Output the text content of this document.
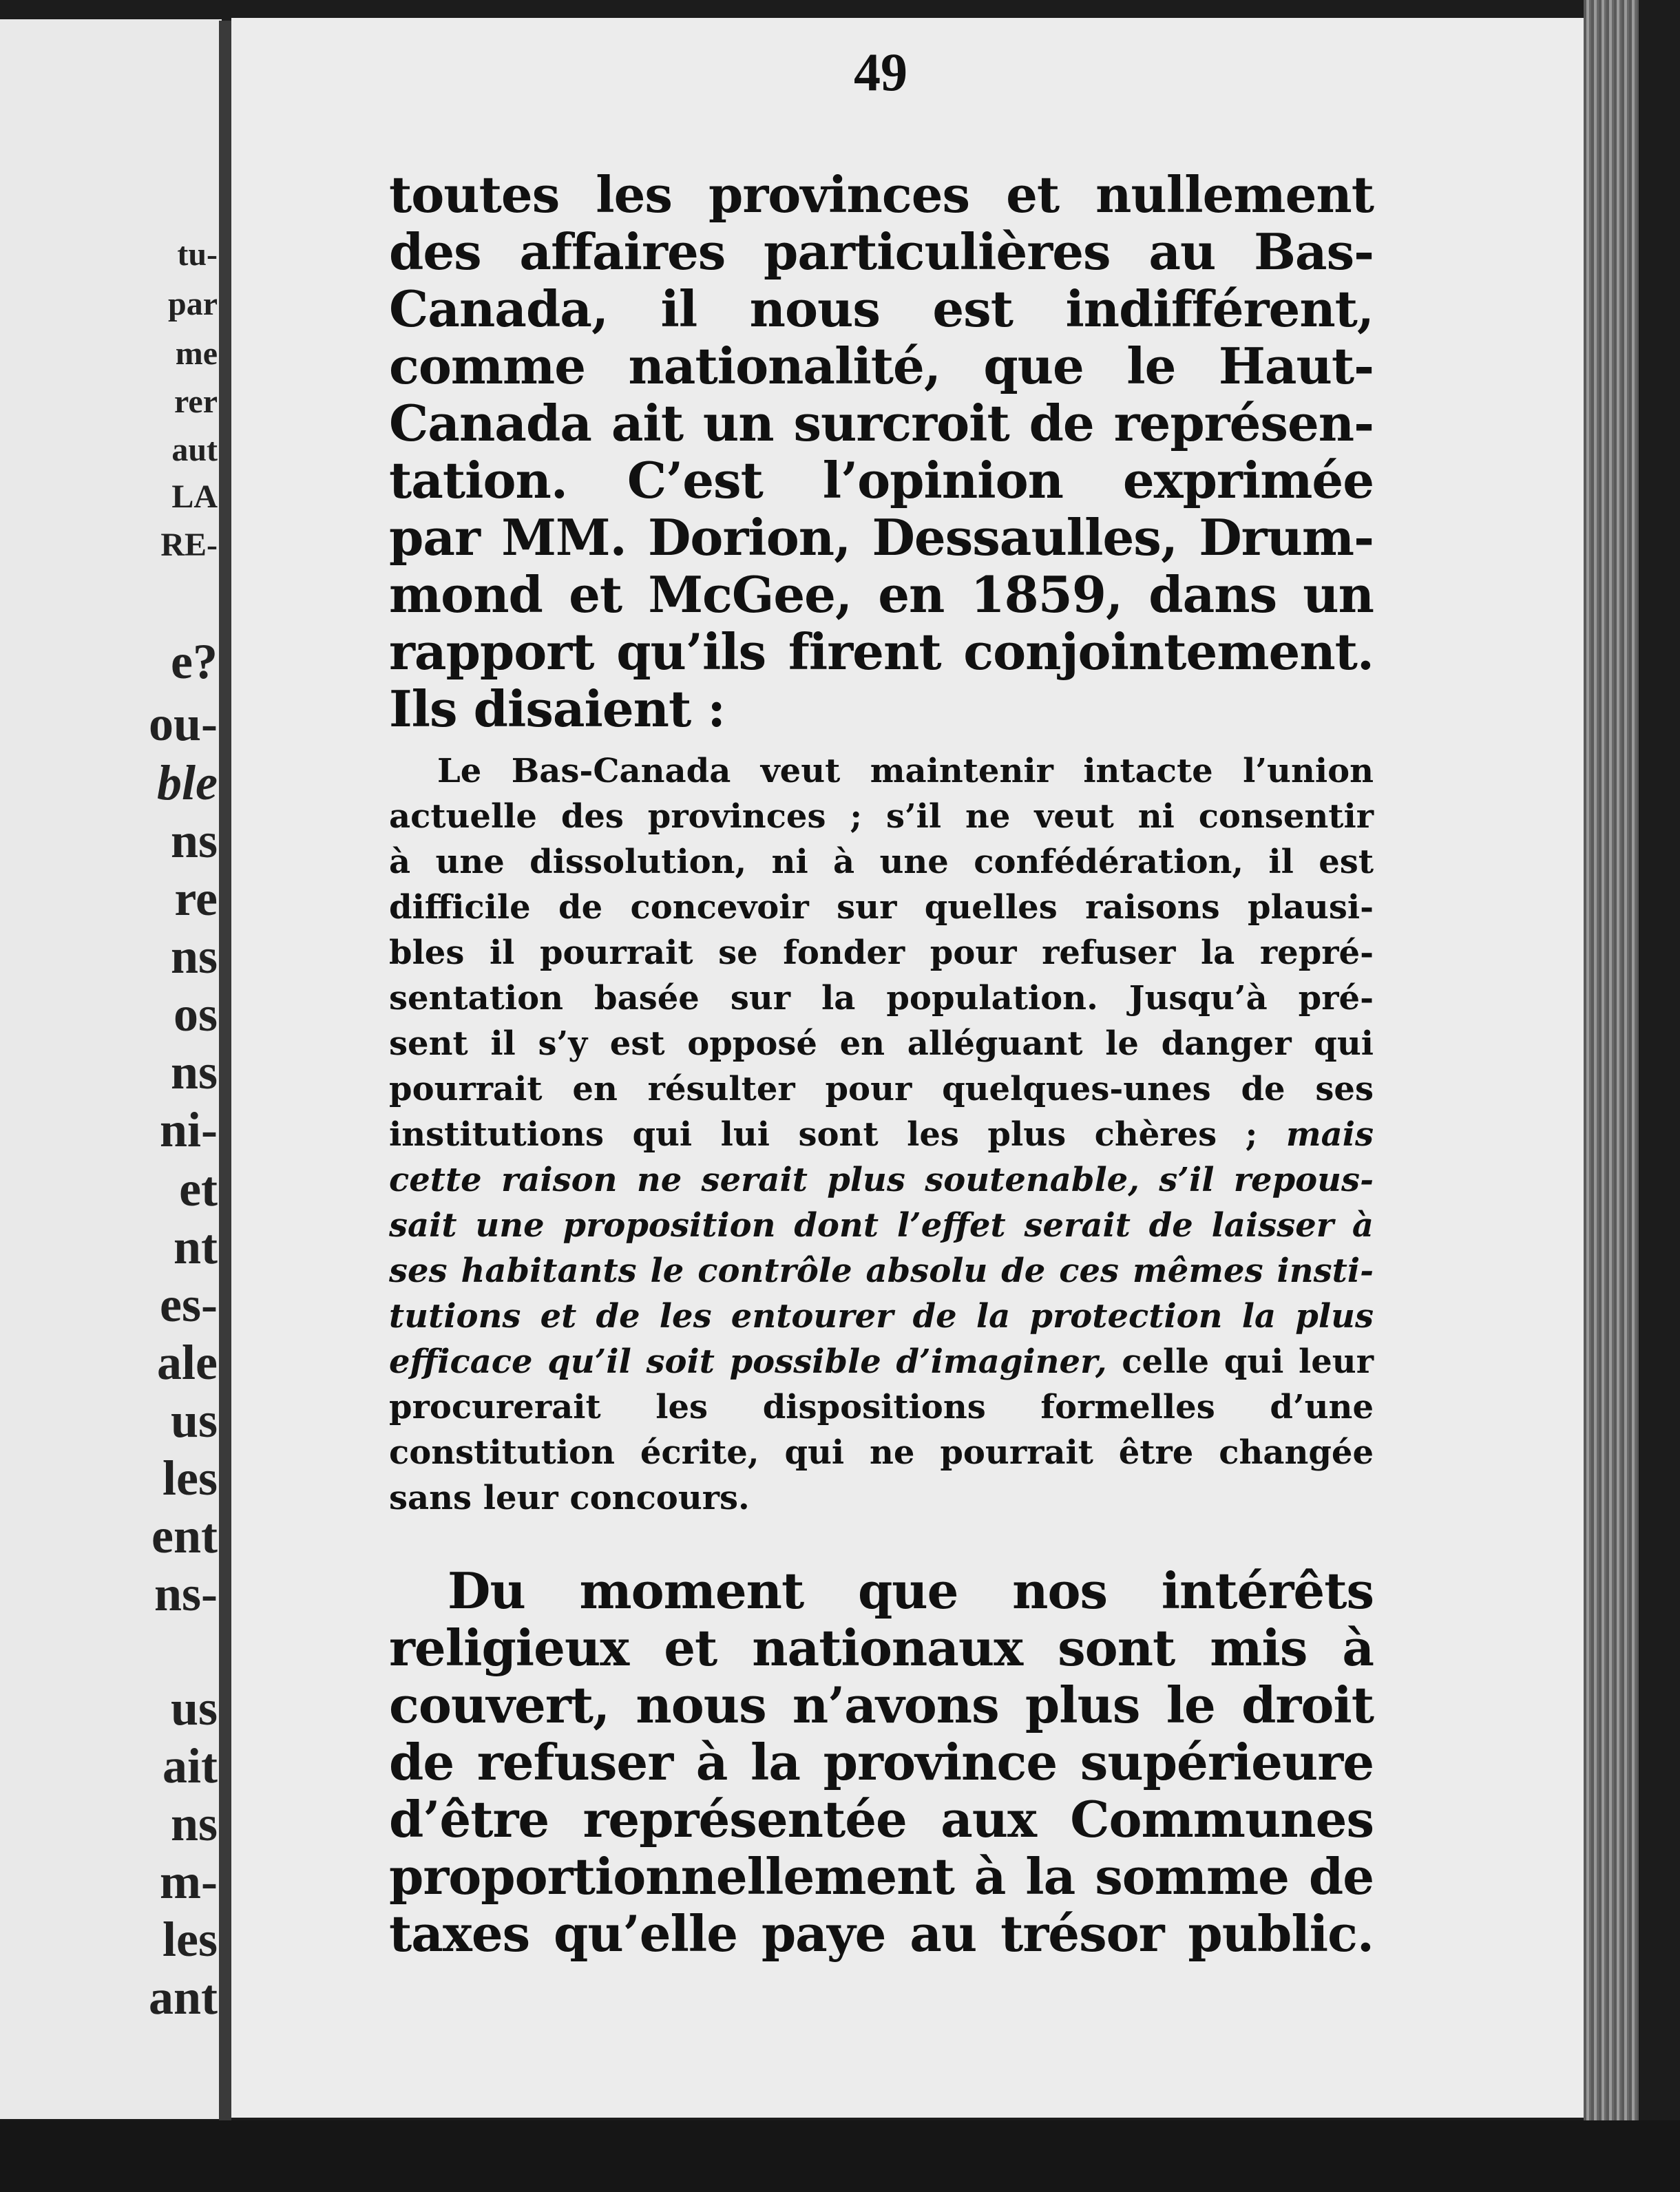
tu-
par
me
rer
aut
LA
RE-
e?
ou-
ble
ns
re
ns
os
ns
ni-
et
nt
es-
ale
us
les
ent
ns-
us
ait
ns
m-
les
ant
49
toutes les provinces et nullement
des affaires particulières au Bas-
Canada, il nous est indifférent,
comme nationalité, que le Haut-
Canada ait un surcroit de représen-
tation. C’est l’opinion exprimée
par MM. Dorion, Dessaulles, Drum-
mond et McGee, en 1859, dans un
rapport qu’ils firent conjointement.
Ils disaient :
Le Bas-Canada veut maintenir intacte l’union
actuelle des provinces ; s’il ne veut ni consentir
à une dissolution, ni à une confédération, il est
difficile de concevoir sur quelles raisons plausi-
bles il pourrait se fonder pour refuser la repré-
sentation basée sur la population. Jusqu’à pré-
sent il s’y est opposé en alléguant le danger qui
pourrait en résulter pour quelques-unes de ses
institutions qui lui sont les plus chères ; mais
cette raison ne serait plus soutenable, s’il repous-
sait une proposition dont l’effet serait de laisser à
ses habitants le contrôle absolu de ces mêmes insti-
tutions et de les entourer de la protection la plus
efficace qu’il soit possible d’imaginer, celle qui leur
procurerait les dispositions formelles d’une
constitution écrite, qui ne pourrait être changée
sans leur concours.
Du moment que nos intérêts
religieux et nationaux sont mis à
couvert, nous n’avons plus le droit
de refuser à la province supérieure
d’être représentée aux Communes
proportionnellement à la somme de
taxes qu’elle paye au trésor public.
